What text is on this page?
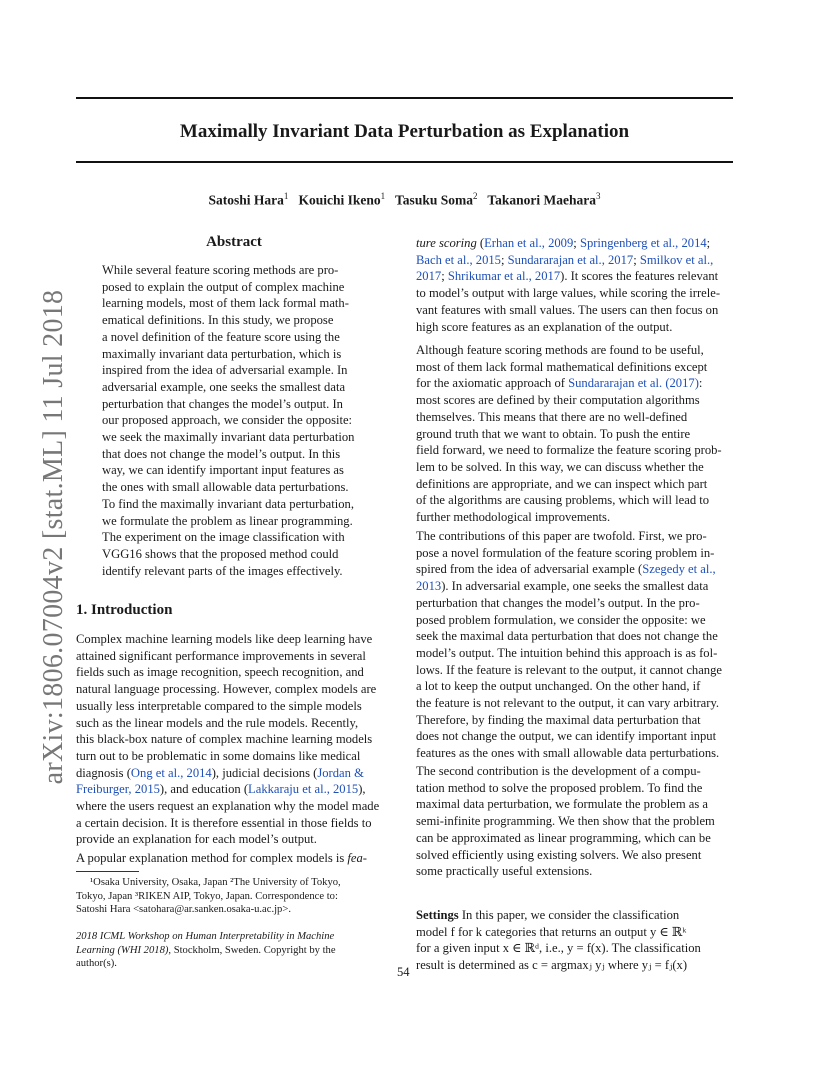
arXiv:1806.07004v2 [stat.ML] 11 Jul 2018
Maximally Invariant Data Perturbation as Explanation
Satoshi Hara$^1$ Kouichi Ikeno$^1$ Tasuku Soma$^2$ Takanori Maehara$^3$
Abstract
While several feature scoring methods are pro-
posed to explain the output of complex machine
learning models, most of them lack formal math-
ematical definitions. In this study, we propose
a novel definition of the feature score using the
maximally invariant data perturbation, which is
inspired from the idea of adversarial example. In
adversarial example, one seeks the smallest data
perturbation that changes the model’s output. In
our proposed approach, we consider the opposite:
we seek the maximally invariant data perturbation
that does not change the model’s output. In this
way, we can identify important input features as
the ones with small allowable data perturbations.
To find the maximally invariant data perturbation,
we formulate the problem as linear programming.
The experiment on the image classification with
VGG16 shows that the proposed method could
identify relevant parts of the images effectively.
1. Introduction
Complex machine learning models like deep learning have
attained significant performance improvements in several
fields such as image recognition, speech recognition, and
natural language processing. However, complex models are
usually less interpretable compared to the simple models
such as the linear models and the rule models. Recently,
this black-box nature of complex machine learning models
turn out to be problematic in some domains like medical
diagnosis (Ong et al., 2014), judicial decisions (Jordan &
Freiburger, 2015), and education (Lakkaraju et al., 2015),
where the users request an explanation why the model made
a certain decision. It is therefore essential in those fields to
provide an explanation for each model’s output.
A popular explanation method for complex models is fea-
¹Osaka University, Osaka, Japan ²The University of Tokyo,
Tokyo, Japan ³RIKEN AIP, Tokyo, Japan. Correspondence to:
Satoshi Hara <satohara@ar.sanken.osaka-u.ac.jp>.
2018 ICML Workshop on Human Interpretability in Machine
Learning (WHI 2018), Stockholm, Sweden. Copyright by the
author(s).
54
ture scoring (Erhan et al., 2009; Springenberg et al., 2014;
Bach et al., 2015; Sundararajan et al., 2017; Smilkov et al.,
2017; Shrikumar et al., 2017). It scores the features relevant
to model’s output with large values, while scoring the irrele-
vant features with small values. The users can then focus on
high score features as an explanation of the output.
Although feature scoring methods are found to be useful,
most of them lack formal mathematical definitions except
for the axiomatic approach of Sundararajan et al. (2017):
most scores are defined by their computation algorithms
themselves. This means that there are no well-defined
ground truth that we want to obtain. To push the entire
field forward, we need to formalize the feature scoring prob-
lem to be solved. In this way, we can discuss whether the
definitions are appropriate, and we can inspect which part
of the algorithms are causing problems, which will lead to
further methodological improvements.
The contributions of this paper are twofold. First, we pro-
pose a novel formulation of the feature scoring problem in-
spired from the idea of adversarial example (Szegedy et al.,
2013). In adversarial example, one seeks the smallest data
perturbation that changes the model’s output. In the pro-
posed problem formulation, we consider the opposite: we
seek the maximal data perturbation that does not change the
model’s output. The intuition behind this approach is as fol-
lows. If the feature is relevant to the output, it cannot change
a lot to keep the output unchanged. On the other hand, if
the feature is not relevant to the output, it can vary arbitrary.
Therefore, by finding the maximal data perturbation that
does not change the output, we can identify important input
features as the ones with small allowable data perturbations.
The second contribution is the development of a compu-
tation method to solve the proposed problem. To find the
maximal data perturbation, we formulate the problem as a
semi-infinite programming. We then show that the problem
can be approximated as linear programming, which can be
solved efficiently using existing solvers. We also present
some practically useful extensions.
Settings In this paper, we consider the classification
model f for k categories that returns an output y ∈ ℝᵏ
for a given input x ∈ ℝᵈ, i.e., y = f(x). The classification
result is determined as c = argmaxⱼ yⱼ where yⱼ = fⱼ(x)
